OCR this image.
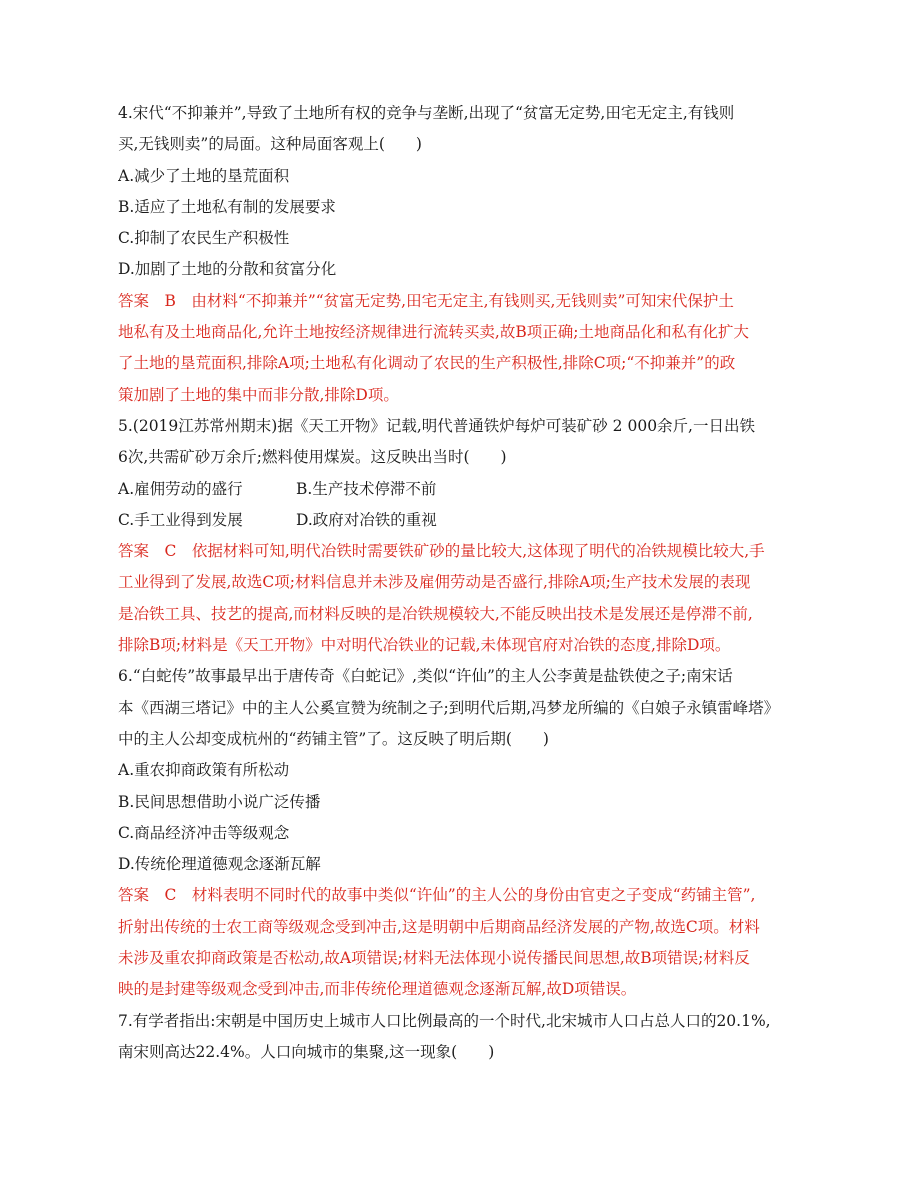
4.宋代“不抑兼并”,导致了土地所有权的竞争与垄断,出现了“贫富无定势,田宅无定主,有钱则
买,无钱则卖”的局面。这种局面客观上(　　)
A.减少了土地的垦荒面积
B.适应了土地私有制的发展要求
C.抑制了农民生产积极性
D.加剧了土地的分散和贫富分化
答案　B　由材料“不抑兼并”“贫富无定势,田宅无定主,有钱则买,无钱则卖”可知宋代保护土
地私有及土地商品化,允许土地按经济规律进行流转买卖,故B项正确;土地商品化和私有化扩大
了土地的垦荒面积,排除A项;土地私有化调动了农民的生产积极性,排除C项;“不抑兼并”的政
策加剧了土地的集中而非分散,排除D项。
5.(2019江苏常州期末)据《天工开物》记载,明代普通铁炉每炉可装矿砂 2 000余斤,一日出铁
6次,共需矿砂万余斤;燃料使用煤炭。这反映出当时(　　)
A.雇佣劳动的盛行	B.生产技术停滞不前
C.手工业得到发展	D.政府对冶铁的重视
答案　C　依据材料可知,明代冶铁时需要铁矿砂的量比较大,这体现了明代的冶铁规模比较大,手
工业得到了发展,故选C项;材料信息并未涉及雇佣劳动是否盛行,排除A项;生产技术发展的表现
是冶铁工具、技艺的提高,而材料反映的是冶铁规模较大,不能反映出技术是发展还是停滞不前,
排除B项;材料是《天工开物》中对明代冶铁业的记载,未体现官府对冶铁的态度,排除D项。
6.“白蛇传”故事最早出于唐传奇《白蛇记》,类似“许仙”的主人公李黄是盐铁使之子;南宋话
本《西湖三塔记》中的主人公奚宣赞为统制之子;到明代后期,冯梦龙所编的《白娘子永镇雷峰塔》
中的主人公却变成杭州的“药铺主管”了。这反映了明后期(　　)
A.重农抑商政策有所松动
B.民间思想借助小说广泛传播
C.商品经济冲击等级观念
D.传统伦理道德观念逐渐瓦解
答案　C　材料表明不同时代的故事中类似“许仙”的主人公的身份由官吏之子变成“药铺主管”,
折射出传统的士农工商等级观念受到冲击,这是明朝中后期商品经济发展的产物,故选C项。材料
未涉及重农抑商政策是否松动,故A项错误;材料无法体现小说传播民间思想,故B项错误;材料反
映的是封建等级观念受到冲击,而非传统伦理道德观念逐渐瓦解,故D项错误。
7.有学者指出:宋朝是中国历史上城市人口比例最高的一个时代,北宋城市人口占总人口的20.1%,
南宋则高达22.4%。人口向城市的集聚,这一现象(　　)
